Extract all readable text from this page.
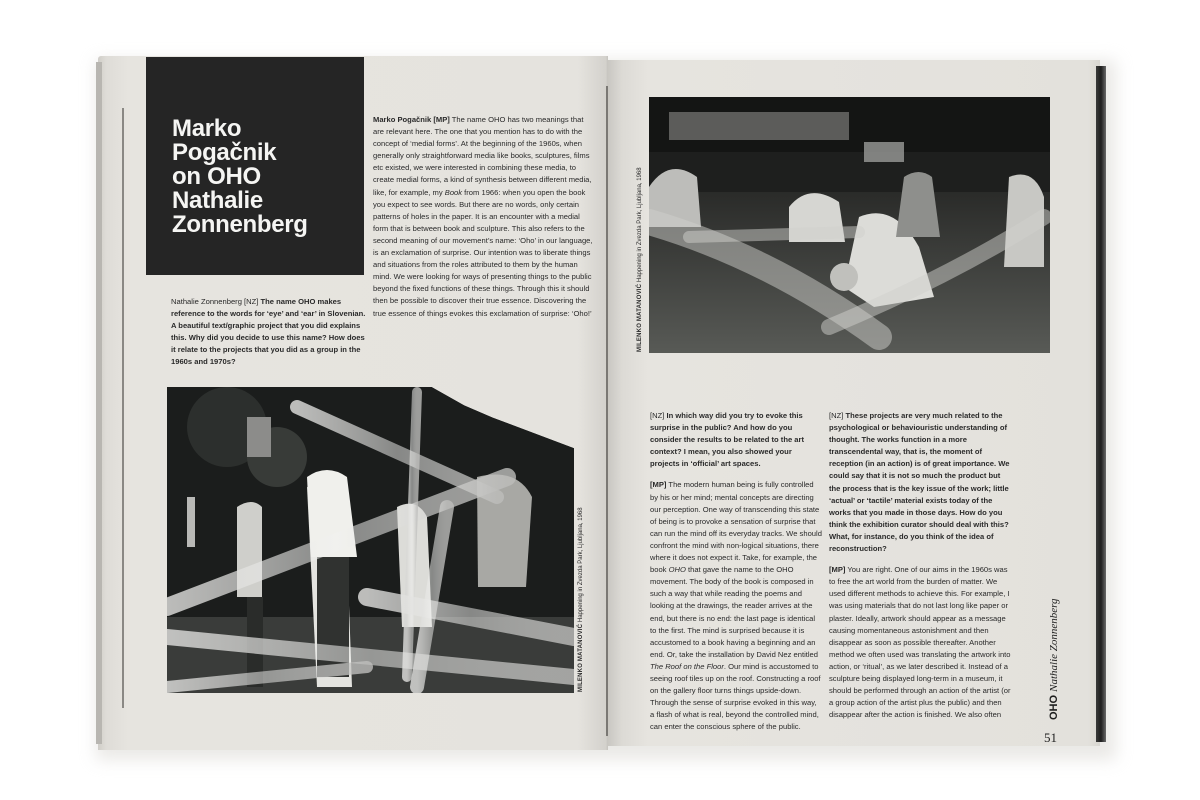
Marko
Pogačnik
on OHO
Nathalie
Zonnenberg

Nathalie Zonnenberg [NZ] The name OHO makes reference to the words for ‘eye’ and ‘ear’ in Slovenian. A beautiful text/graphic project that you did explains this. Why did you decide to use this name? How does it relate to the projects that you did as a group in the 1960s and 1970s?

Marko Pogačnik [MP] The name OHO has two meanings that are relevant here. The one that you mention has to do with the concept of ‘medial forms’. At the beginning of the 1960s, when generally only straightforward media like books, sculptures, films etc existed, we were interested in combining these media, to create medial forms, a kind of synthesis between different media, like, for example, my Book from 1966: when you open the book you expect to see words. But there are no words, only certain patterns of holes in the paper. It is an encounter with a medial form that is between book and sculpture. This also refers to the second meaning of our movement’s name: ‘Oho’ in our language, is an exclamation of surprise. Our intention was to liberate things and situations from the roles attributed to them by the human mind. We were looking for ways of presenting things to the public beyond the fixed functions of these things. Through this it should then be possible to discover their true essence. Discovering the true essence of things evokes this exclamation of surprise: ‘Oho!’

MILENKO MATANOVIĆ Happening in Zvezda Park, Ljubljana, 1968
MILENKO MATANOVIĆ Happening in Zvezda Park, Ljubljana, 1968

[NZ] In which way did you try to evoke this surprise in the public? And how do you consider the results to be related to the art context? I mean, you also showed your projects in ‘official’ art spaces.

[MP] The modern human being is fully controlled by his or her mind; mental concepts are directing our perception. One way of transcending this state of being is to provoke a sensation of surprise that can run the mind off its everyday tracks. We should confront the mind with non-logical situations, there where it does not expect it. Take, for example, the book OHO that gave the name to the OHO movement. The body of the book is composed in such a way that while reading the poems and looking at the drawings, the reader arrives at the end, but there is no end: the last page is identical to the first. The mind is surprised because it is accustomed to a book having a beginning and an end. Or, take the installation by David Nez entitled The Roof on the Floor. Our mind is accustomed to seeing roof tiles up on the roof. Constructing a roof on the gallery floor turns things upside-down. Through the sense of surprise evoked in this way, a flash of what is real, beyond the controlled mind, can enter the conscious sphere of the public.

[NZ] These projects are very much related to the psychological or behaviouristic understanding of thought. The works function in a more transcendental way, that is, the moment of reception (in an action) is of great importance. We could say that it is not so much the product but the process that is the key issue of the work; little ‘actual’ or ‘tactile’ material exists today of the works that you made in those days. How do you think the exhibition curator should deal with this? What, for instance, do you think of the idea of reconstruction?

[MP] You are right. One of our aims in the 1960s was to free the art world from the burden of matter. We used different methods to achieve this. For example, I was using materials that do not last long like paper or plaster. Ideally, artwork should appear as a message causing momentaneous astonishment and then disappear as soon as possible thereafter. Another method we often used was translating the artwork into action, or ‘ritual’, as we later described it. Instead of a sculpture being displayed long-term in a museum, it should be performed through an action of the artist (or a group action of the artist plus the public) and then disappear after the action is finished. We also often	OHO Nathalie Zonnenberg
51
